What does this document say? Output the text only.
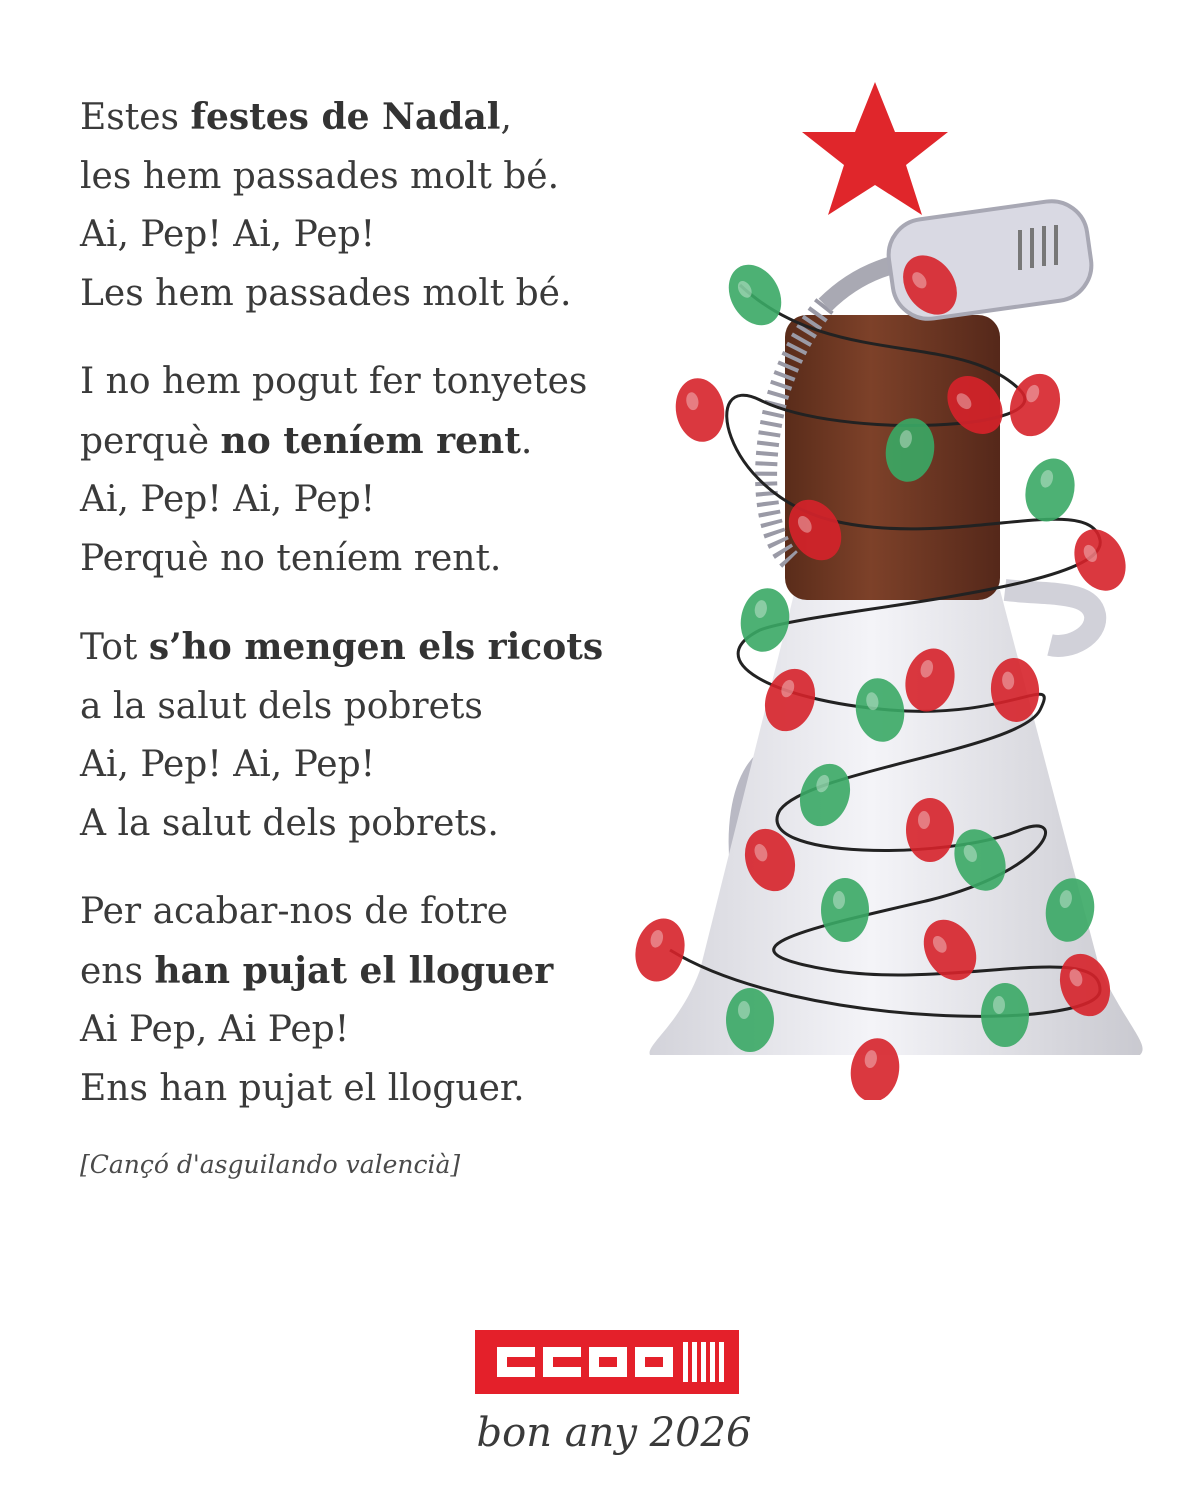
Estes festes de Nadal,
les hem passades molt bé.
Ai, Pep! Ai, Pep!
Les hem passades molt bé.
I no hem pogut fer tonyetes
perquè no teníem rent.
Ai, Pep! Ai, Pep!
Perquè no teníem rent.
Tot s’ho mengen els ricots
a la salut dels pobrets
Ai, Pep! Ai, Pep!
A la salut dels pobrets.
Per acabar-nos de fotre
ens han pujat el lloguer
Ai Pep, Ai Pep!
Ens han pujat el lloguer.
[Cançó d'asguilando valencià]
bon any 2026
